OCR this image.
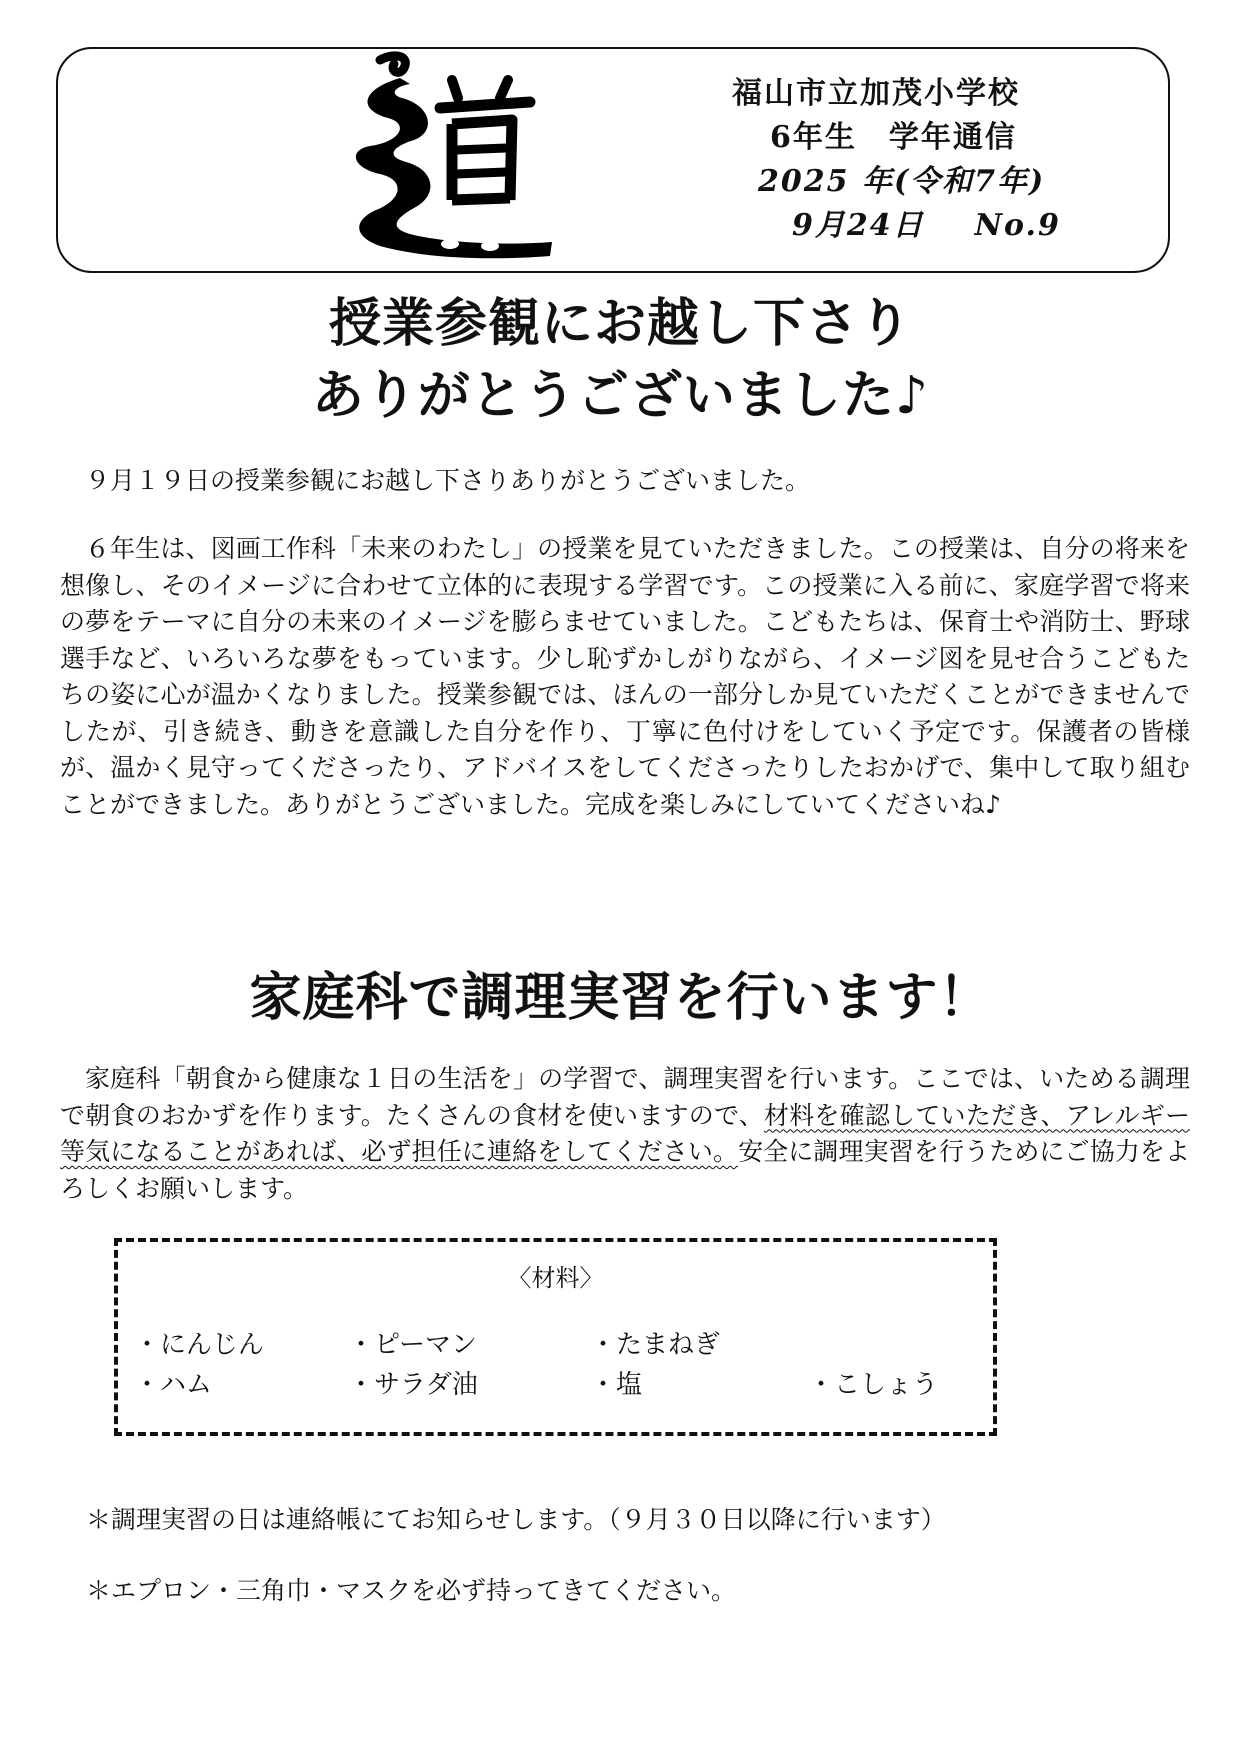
福山市立加茂小学校
6年生　学年通信
2025 年(令和7年)
9月24日 No.9
授業参観にお越し下さり
ありがとうございました♪

９月１９日の授業参観にお越し下さりありがとうございました。

６年生は、図画工作科「未来のわたし」の授業を見ていただきました。この授業は、自分の将来を想像し、そのイメージに合わせて立体的に表現する学習です。この授業に入る前に、家庭学習で将来の夢をテーマに自分の未来のイメージを膨らませていました。こどもたちは、保育士や消防士、野球選手など、いろいろな夢をもっています。少し恥ずかしがりながら、イメージ図を見せ合うこどもたちの姿に心が温かくなりました。授業参観では、ほんの一部分しか見ていただくことができませんでしたが、引き続き、動きを意識した自分を作り、丁寧に色付けをしていく予定です。保護者の皆様が、温かく見守ってくださったり、アドバイスをしてくださったりしたおかげで、集中して取り組むことができました。ありがとうございました。完成を楽しみにしていてくださいね♪

家庭科で調理実習を行います！

家庭科「朝食から健康な１日の生活を」の学習で、調理実習を行います。ここでは、いためる調理で朝食のおかずを作ります。たくさんの食材を使いますので、材料を確認していただき、アレルギー等気になることがあれば、必ず担任に連絡をしてください。安全に調理実習を行うためにご協力をよろしくお願いします。

〈材料〉
・にんじん	・ピーマン	・たまねぎ
・ハム	・サラダ油	・塩	・こしょう
＊調理実習の日は連絡帳にてお知らせします。（９月３０日以降に行います）
＊エプロン・三角巾・マスクを必ず持ってきてください。
